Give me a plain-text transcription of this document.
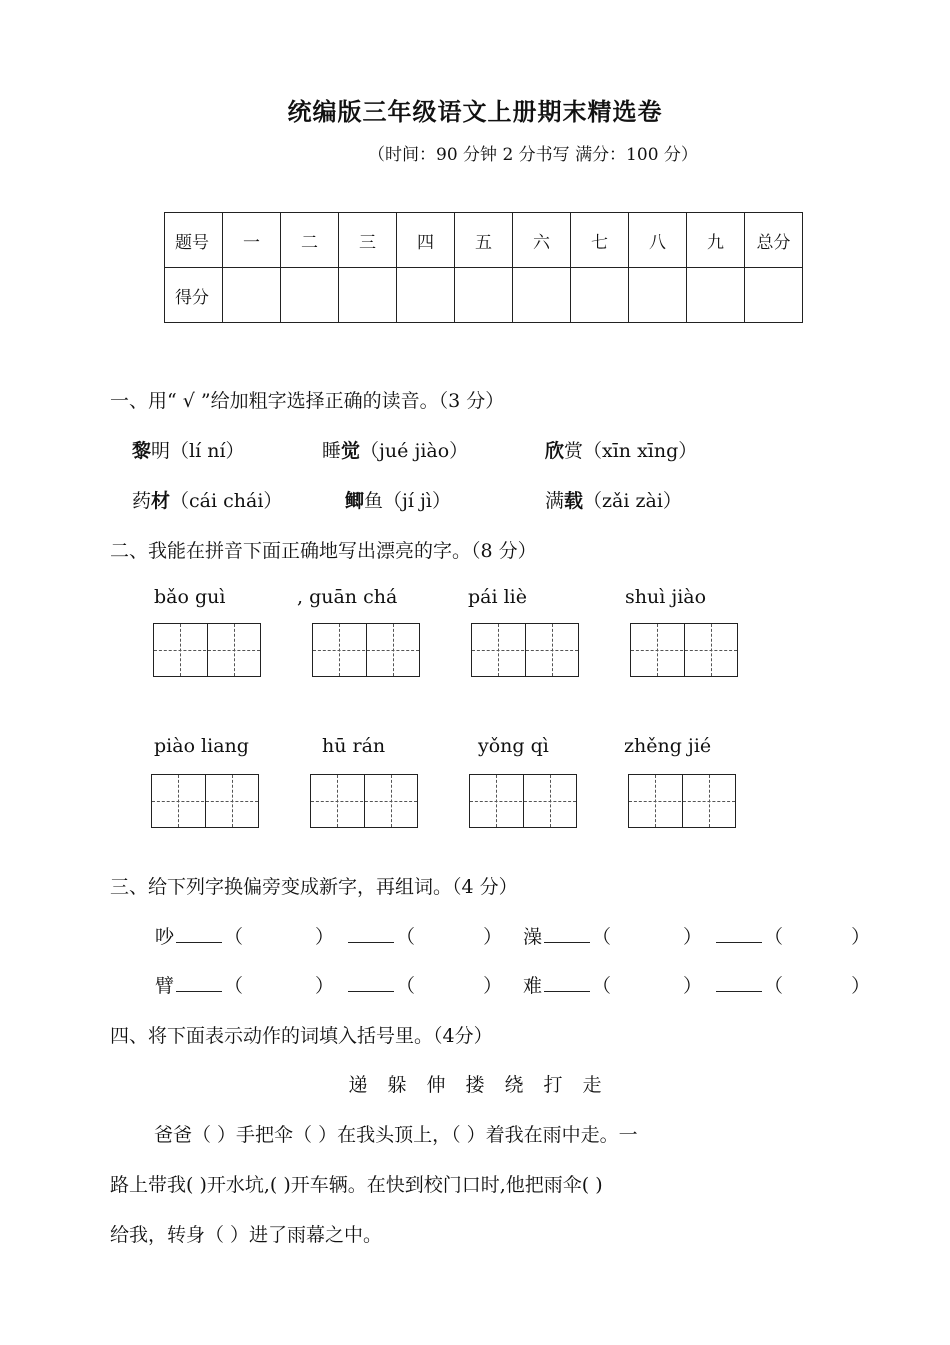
统编版三年级语文上册期末精选卷
（时间：90 分钟 2 分书写 满分：100 分）
题号	一	二	三	四	五	六	七	八	九	总分
得分										
一、用“ √ ”给加粗字选择正确的读音。（3 分）
黎明（lí ní）	睡觉（jué jiào）	欣赏（xīn xīng）
药材（cái chái）	鲫鱼（jí jì）	满载（zǎi zài）
二、我能在拼音下面正确地写出漂亮的字。（8 分）
bǎo guì	, guān chá	pái liè	shuì jiào
piào liang	hū rán	yǒng qì	zhěng jié
三、给下列字换偏旁变成新字，再组词。（4 分）
吵	（	）	（	） 澡	（	）	（	）
臂	（	）	（	） 难	（	）	（	）
四、将下面表示动作的词填入括号里。（4分）
递 躲 伸 搂 绕 打 走
爸爸（ ）手把伞（ ）在我头顶上，（ ）着我在雨中走。一
路上带我( )开水坑,( )开车辆。在快到校门口时,他把雨伞( )
给我，转身（ ）进了雨幕之中。
